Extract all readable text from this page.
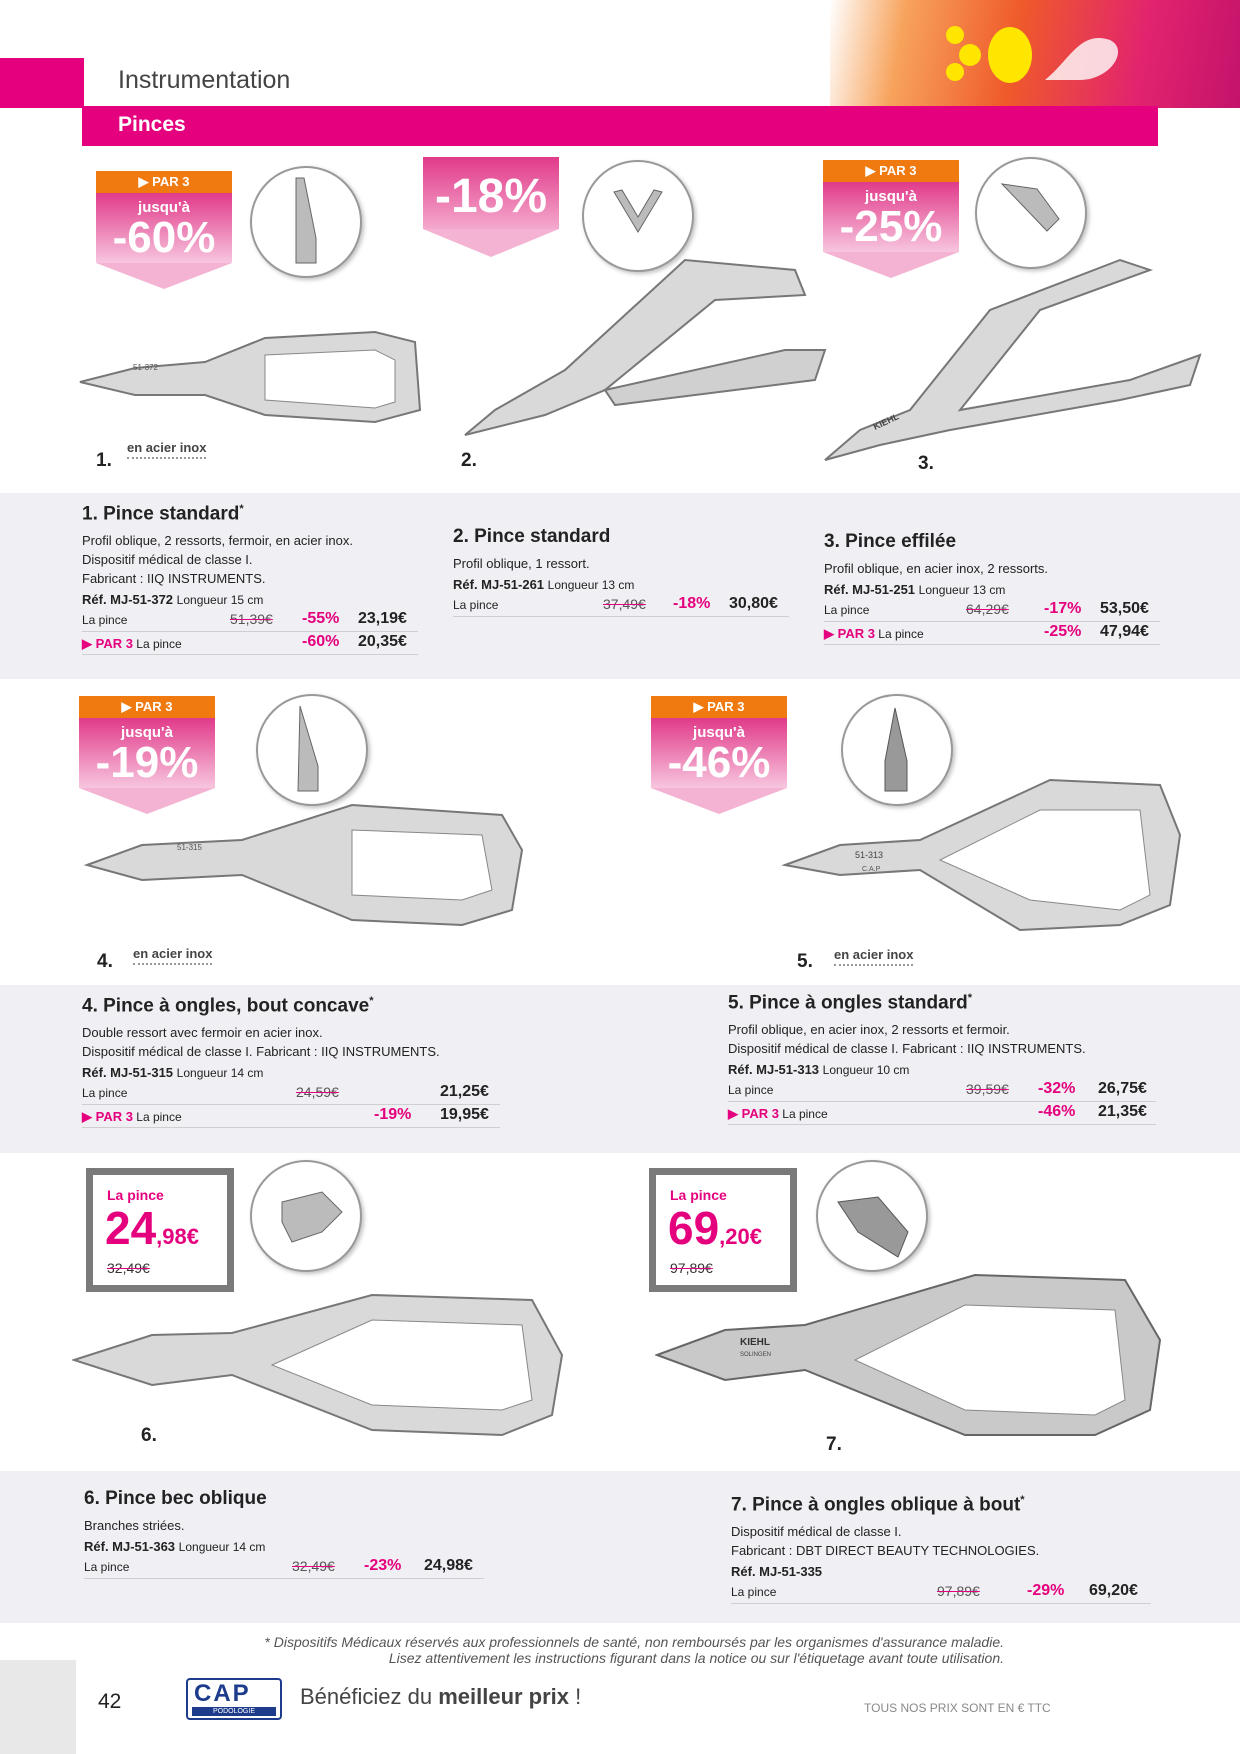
Instrumentation
Pinces
▶ PAR 3
jusqu'à
-60%
51-372
1.
en acier inox
-18%
2.
▶ PAR 3
jusqu'à
-25%
KIEHL
3.
1. Pince standard*
Profil oblique, 2 ressorts, fermoir, en acier inox.
Dispositif médical de classe I.
Fabricant : IIQ INSTRUMENTS.
Réf. MJ-51-372 Longueur 15 cm
La pince	51,39€ -55% 23,19€
▶ PAR 3 La pince	-60% 20,35€
2. Pince standard
Profil oblique, 1 ressort.
Réf. MJ-51-261 Longueur 13 cm
La pince	37,49€ -18% 30,80€
3. Pince effilée
Profil oblique, en acier inox, 2 ressorts.
Réf. MJ-51-251 Longueur 13 cm
La pince	64,29€ -17% 53,50€
▶ PAR 3 La pince	-25% 47,94€
▶ PAR 3
jusqu'à
-19%
51-315
4. en acier inox
▶ PAR 3
jusqu'à
-46%
51-313
C.A.P
5. en acier inox
4. Pince à ongles, bout concave*
Double ressort avec fermoir en acier inox.
Dispositif médical de classe I. Fabricant : IIQ INSTRUMENTS.
Réf. MJ-51-315 Longueur 14 cm
La pince	24,59€	21,25€
▶ PAR 3 La pince	-19% 19,95€
5. Pince à ongles standard*
Profil oblique, en acier inox, 2 ressorts et fermoir.
Dispositif médical de classe I. Fabricant : IIQ INSTRUMENTS.
Réf. MJ-51-313 Longueur 10 cm
La pince	39,59€ -32% 26,75€
▶ PAR 3 La pince	-46% 21,35€
La pince
24,98€
32,49€
6.
La pince
69,20€
97,89€
KIEHL
SOLINGEN
7.
6. Pince bec oblique
Branches striées.
Réf. MJ-51-363 Longueur 14 cm
La pince	32,49€ -23% 24,98€
7. Pince à ongles oblique à bout*
Dispositif médical de classe I.
Fabricant : DBT DIRECT BEAUTY TECHNOLOGIES.
Réf. MJ-51-335
La pince	97,89€	-29% 69,20€
* Dispositifs Médicaux réservés aux professionnels de santé, non remboursés par les organismes d'assurance maladie.
Lisez attentivement les instructions figurant dans la notice ou sur l'étiquetage avant toute utilisation.
42	CAP
PODOLOGIE
Bénéficiez du meilleur prix !	TOUS NOS PRIX SONT EN € TTC
